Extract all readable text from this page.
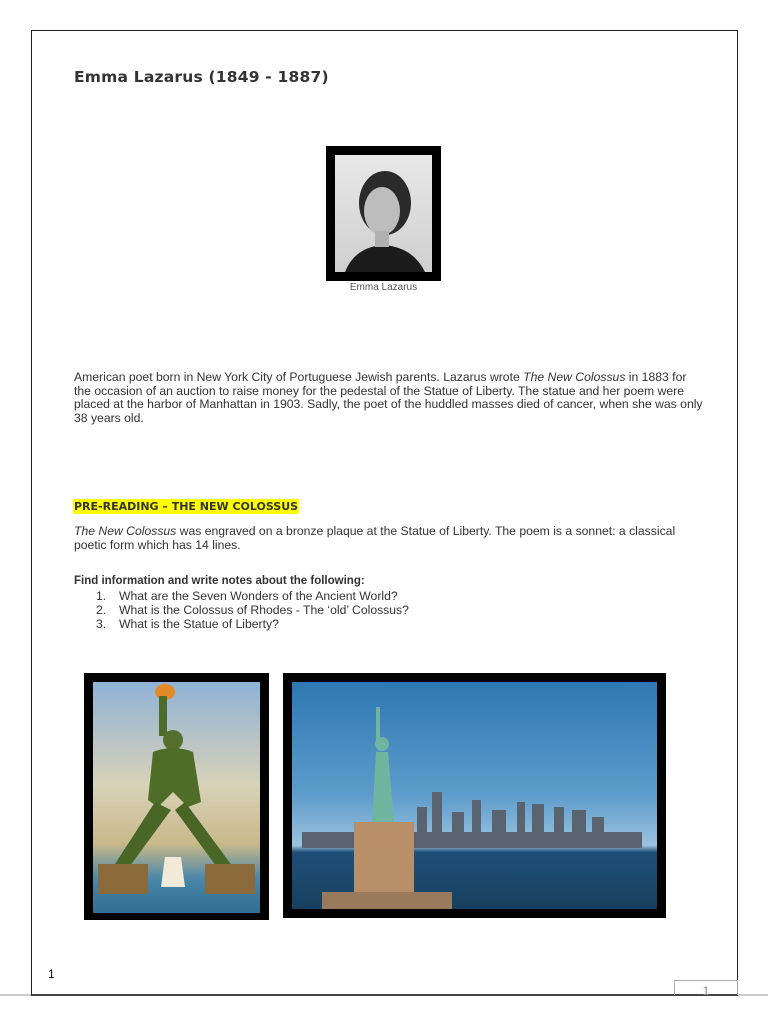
Emma Lazarus (1849 - 1887)
Emma Lazarus

American poet born in New York City of Portuguese Jewish parents. Lazarus wrote The New Colossus in 1883 for the occasion of an auction to raise money for the pedestal of the Statue of Liberty. The statue and her poem were placed at the harbor of Manhattan in 1903. Sadly, the poet of the huddled masses died of cancer, when she was only 38 years old.

PRE-READING – THE NEW COLOSSUS

The New Colossus was engraved on a bronze plaque at the Statue of Liberty. The poem is a sonnet: a classical poetic form which has 14 lines.

Find information and write notes about the following:

1. What are the Seven Wonders of the Ancient World?
2. What is the Colossus of Rhodes - The ‘old’ Colossus?
3. What is the Statue of Liberty?
1
1
